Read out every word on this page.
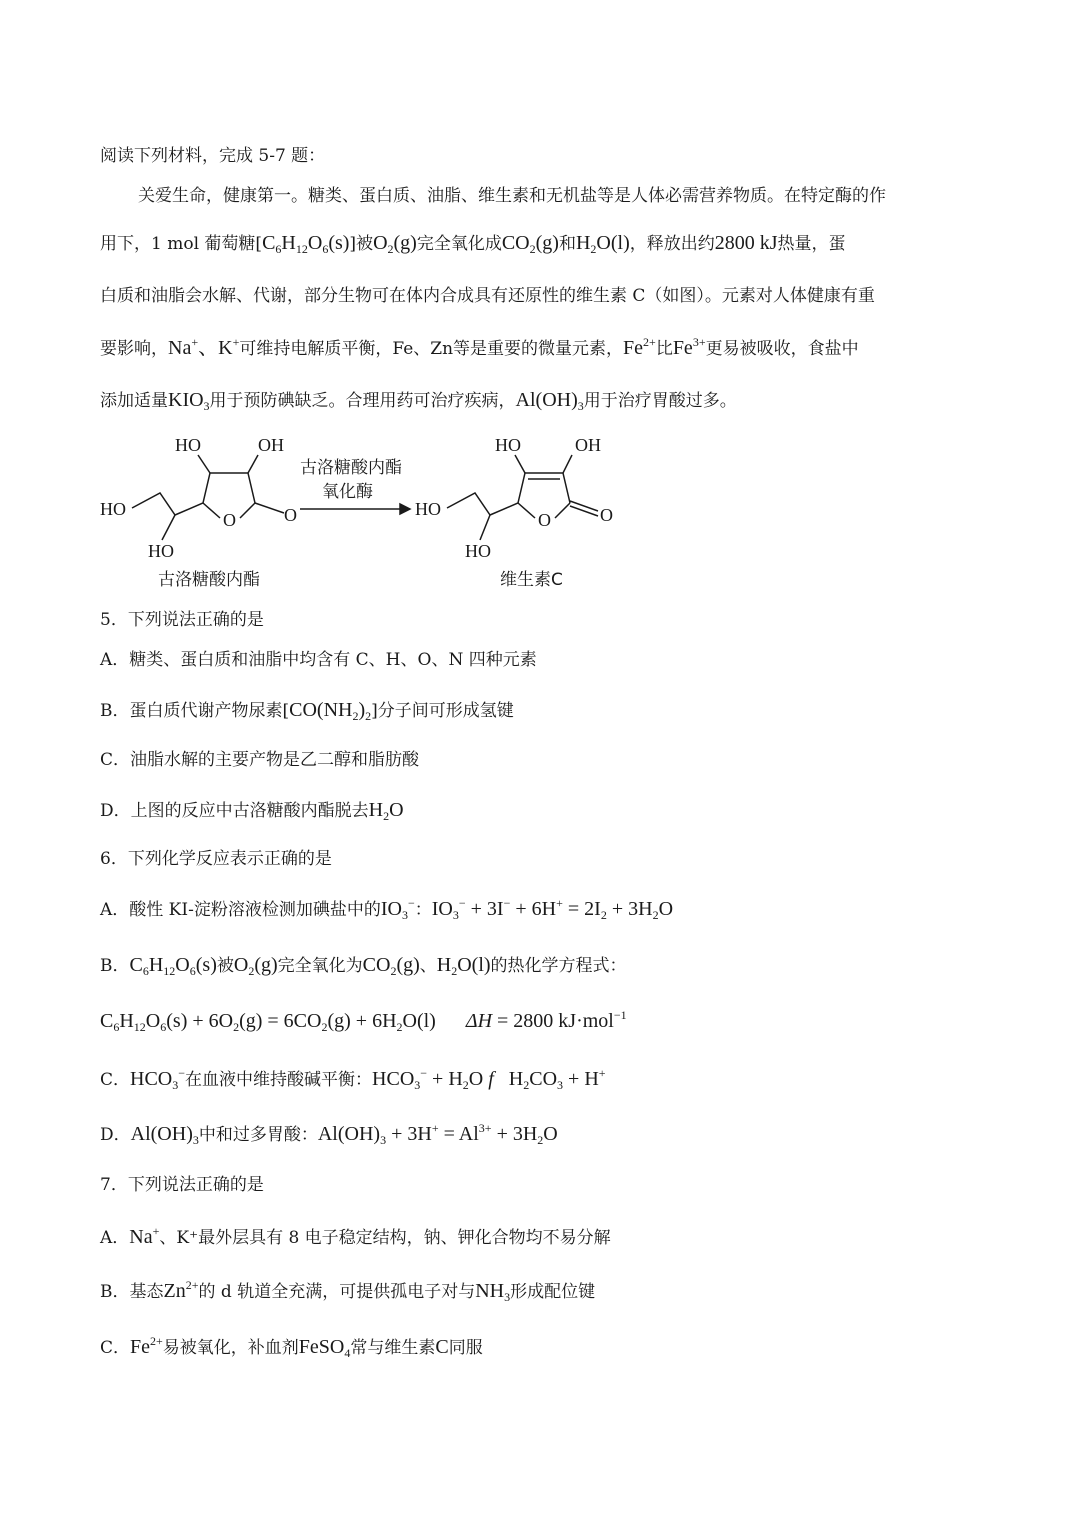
阅读下列材料，完成 5-7 题：
关爱生命，健康第一。糖类、蛋白质、油脂、维生素和无机盐等是人体必需营养物质。在特定酶的作
用下，1 mol 葡萄糖$[C_6H_{12}O_6(s)]$被$O_2(g)$完全氧化成$CO_2(g)$和$H_2O(l)$，释放出约2800 kJ热量，蛋
白质和油脂会水解、代谢，部分生物可在体内合成具有还原性的维生素 C（如图）。元素对人体健康有重
要影响，Na+、K+可维持电解质平衡，Fe、Zn等是重要的微量元素，$Fe^{2+}$比$Fe^{3+}$更易被吸收，食盐中
添加适量$KIO_3$用于预防碘缺乏。合理用药可治疗疾病，$Al(OH)_3$用于治疗胃酸过多。
HO	OH
HO
HO
O	O
古洛糖酸内酯
古洛糖酸内酯
氧化酶
HO	OH
HO
HO
O	O
维生素C
5．下列说法正确的是
A．糖类、蛋白质和油脂中均含有 C、H、O、N 四种元素
B．蛋白质代谢产物尿素$[CO(NH_2)_2]$分子间可形成氢键
C．油脂水解的主要产物是乙二醇和脂肪酸
D．上图的反应中古洛糖酸内酯脱去$H_2O$
6．下列化学反应表示正确的是
A．酸性 KI-淀粉溶液检测加碘盐中的$IO_3^-$：$IO_3^- + 3I^- + 6H^+ = 2I_2 + 3H_2O$
B．$C_6H_{12}O_6(s)$被$O_2(g)$完全氧化为$CO_2(g)$、$H_2O(l)$的热化学方程式：
$C_6H_{12}O_6(s) + 6O_2(g) = 6CO_2(g) + 6H_2O(l)$      ΔH = 2800 kJ·mol$^{-1}$
C．$HCO_3^-$在血液中维持酸碱平衡：$HCO_3^- + H_2O$ f   $H_2CO_3 + H^+$
D．$Al(OH)_3$中和过多胃酸：$Al(OH)_3 + 3H^+ = Al^{3+} + 3H_2O$
7．下列说法正确的是
A．Na+、K⁺最外层具有 8 电子稳定结构，钠、钾化合物均不易分解
B．基态$Zn^{2+}$的 d 轨道全充满，可提供孤电子对与$NH_3$形成配位键
C．$Fe^{2+}$易被氧化，补血剂FeSO$_4$常与维生素C同服
